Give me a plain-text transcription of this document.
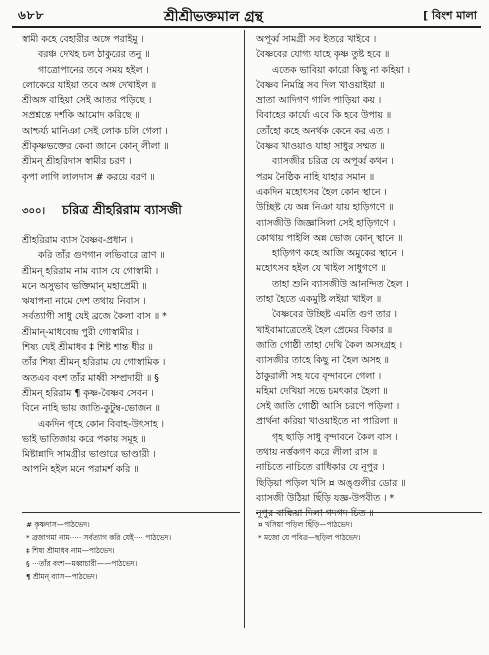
৬৮৮	শ্রীশ্রীভক্তমাল গ্রন্থ	[ বিংশ মালা
স্বামী কহে বেহারীর অঙ্গে পরাইমু ।
বরঞ্চ দেখহ চল ঠাকুরের তনু ॥
গাত্রোপানের তবে সময় হইল ।
লোকেরে যাইয়া তবে অঙ্গ দেখাইল ॥
শ্রীঅঙ্গ বাহিয়া সেই আতর পড়িছে ।
সপ্রশ্নন্তে দর্শকি আমোদ করিছে ॥
আশ্চর্য্য মানিঞা সেই লোক চলি গেলা ।
শ্রীকৃষ্ণভক্তের কেবা জানে কোন্ লীলা ॥
শ্রীমন্ শ্রীহরিদাস স্বামীর চরণ ।
কৃপা লাগি লালদাস # করয়ে বরণ ॥
৩০০। চরিত্র শ্রীহরিরাম ব্যাসজী
শ্রীহরিরাম ব্যাস বৈষ্ণব-প্রধান ।
করি তাঁর গুণগান লভিবারে ত্রাণ ॥
শ্রীমন্ হরিরাম নাম ব্যাস যে গোস্বামী ।
মনে অসুভাব ভক্তিমান্ মহাপ্রেমী ॥
ঋষাপনা নামে দেশ তথায় নিবাস ।
সর্বত্যাগী সাধু যেই ব্রজে কৈলা বাস ॥ *
শ্রীমান্-মাধবেন্দ্র পুরী গোস্বামীর ।
শিষ্য যেই শ্রীমাধব ‡ শিষ্ট শান্ত ধীর ॥
তাঁর শিষ্য শ্রীমন্ হরিরাম যে গোস্বামিক ।
অতএব বংশ তাঁর মাধ্বী সম্প্রদায়ী ॥ §
শ্রীমন্ হরিরাম ¶ কৃষ্ণ-বৈষ্ণব সেবন ।
বিনে নাহি ভায় জাতি-কুটুম্ব-ভোজন ॥
একদিন গৃহে কোন বিবাহ-উৎসাহ ।
ভাই ভাতিজায় করে পকায় সমূহ ॥
মিষ্টান্নাদি সামগ্রীর ভাণ্ডারে ভাণ্ডারী ।
আপনি হইল মনে পরামর্শ করি ॥
অপূর্ব্ব সামগ্রী সব ইতরে খাইবে ।
বৈষ্ণবের যোগ্য যাহে কৃষ্ণ তুষ্ট হবে ॥
এতেক ভাবিয়া কারো কিছু না কহিয়া ।
বৈষ্ণব নিমন্ত্রি সব দিল খাওয়াইয়া ॥
ভ্রাতা আদিগণ গালি পাড়িয়া কয় ।
বিবাহের কার্য্যে এবে কি হবে উপায় ॥
তোঁহো কহে অনর্থক কেনে কর এত ।
বৈষ্ণব খাওয়াও যাহা সাধুর সম্মত ॥
ব্যাসজীর চরিত্র যে অপূর্ব্ব কথন ।
পরম নৈষ্ঠিক নাহি যাহার সমান ॥
একদিন মহোৎসব হৈল কোন স্থানে ।
উচ্ছিষ্ট যে অন্ন নিঞা যায় হাড়িগণে ॥
ব্যাসজীউ জিজ্ঞাসিলা সেই হাড়িগণে ।
কোথায় পাইলি অন্ন ভোজ কোন্ স্থানে ॥
হাড়িগণ কহে আজি অমুকের স্থানে ।
মহোৎসব হইল যে খাইল সাধুগণে ॥
তাহা শুনি ব্যাসজীউ আনন্দিত হৈল ।
তাহা হৈতে একমুষ্টি লইয়া খাইল ॥
বৈষ্ণবের উচ্ছিষ্ট এমতি গুণ তার ।
খাইবামাত্রেতেই হৈল প্রেমের বিকার ॥
জাতি গোষ্ঠী তাহা দেখি কৈল অসংগ্রহ ।
ব্যাসজীর তাহে কিছু না হৈল অসহ ॥
ঠাকুরালী সহ যবে বৃন্দাবনে গেলা ।
মহিমা দেখিয়া সভে চমৎকার হৈলা ॥
সেই জাতি গোষ্ঠী আসি চরণে পড়িলা ।
প্রার্থনা করিয়া খাওয়াইতে না পারিলা ॥
গৃহ ছাড়ি সাধু বৃন্দাবনে কৈল বাস ।
তথায় নর্ত্তকগণ করে লীলা রাস ॥
নাচিতে নাচিতে রাধিকার যে নূপুর ।
ছিড়িয়া পড়িল খসি ¤ অঙ্গুলীর ডোর ॥
ব্যাসজী উঠিয়া ছিঁড়ি যজ্ঞ-উপবীত । *
নূপুর বান্ধিয়া দিলা গদগদ চিত ॥
# কৃষ্ণদাস—পাঠভেদ।
* ব্রজাগমা নাম····· সর্বত্যাগ করি যেই···· পাঠভেদ।
‡ শিষ্য শ্রীমাধব নাম—পাঠভেদ।
§ ···তাঁর বংশ—মধ্বাচারী——পাঠভেদ।
¶ শ্রীমন্ ব্যাস—পাঠভেদ।
¤ খসিয়া পড়িল ছিঁড়ি—পাঠভেদ।
* মজো যে পবিত্র—ছড়িল পাঠভেদ।
